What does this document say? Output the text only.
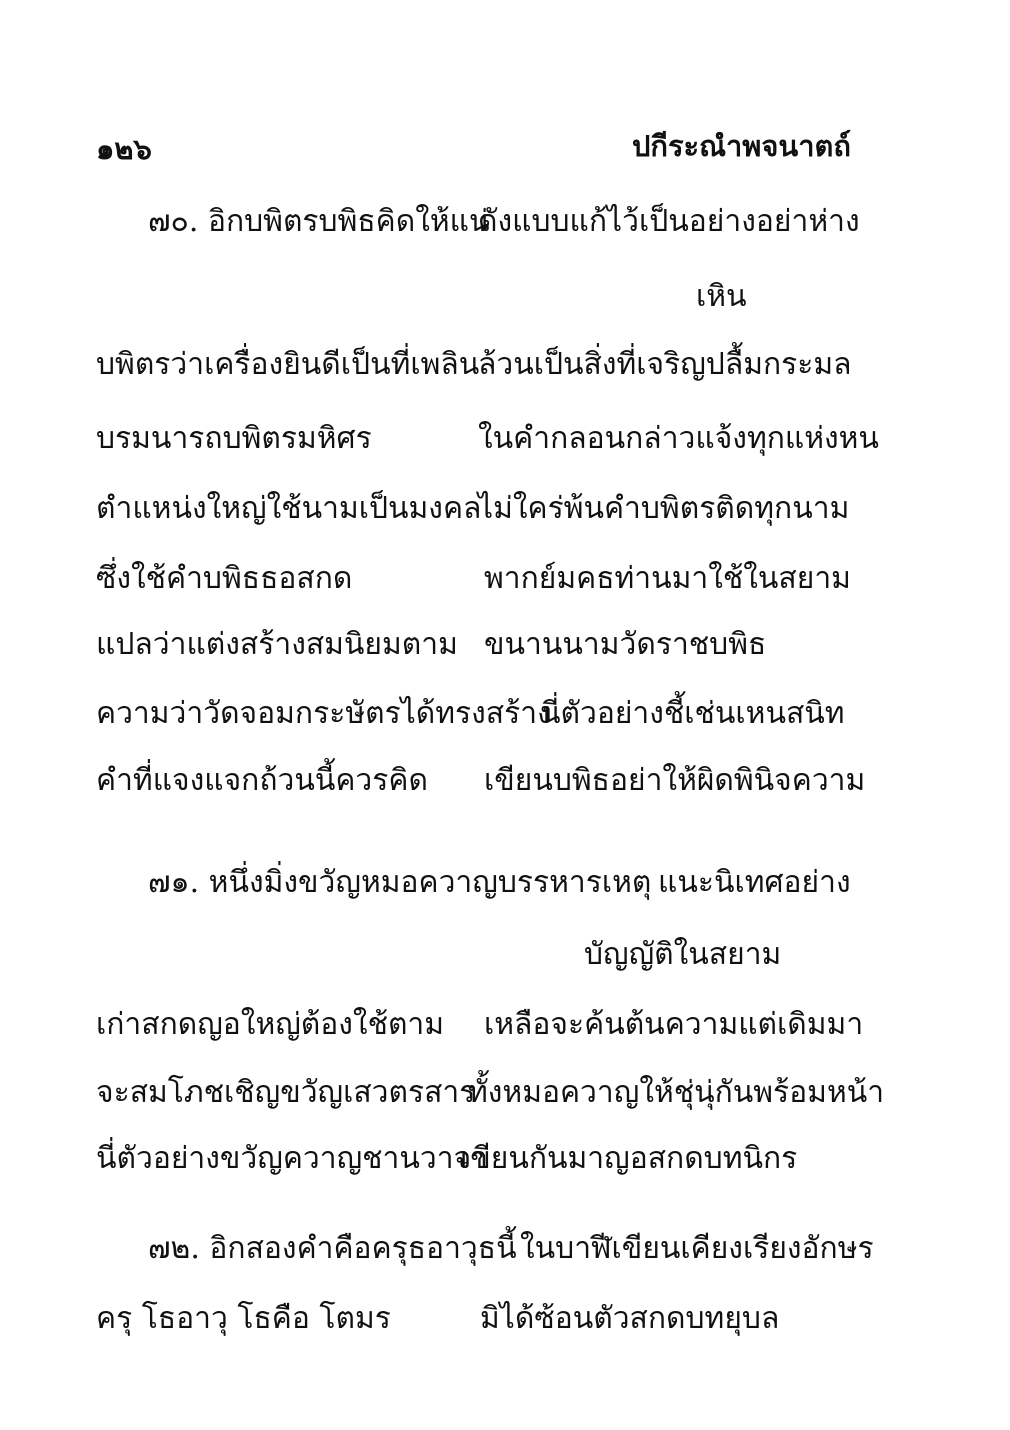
๑๒๖	ปกีระณำพจนาตถ์
๗๐. อิกบพิตรบพิธคิดให้แน่
ดังแบบแก้ไว้เป็นอย่างอย่าห่าง
เหิน
บพิตรว่าเครื่องยินดีเป็นที่เพลิน
ล้วนเป็นสิ่งที่เจริญปลื้มกระมล
บรมนารถบพิตรมหิศร	ในคำกลอนกล่าวแจ้งทุกแห่งหน
ตำแหน่งใหญ่ใช้นามเป็นมงคล
ไม่ใคร่พ้นคำบพิตรติดทุกนาม
ซึ่งใช้คำบพิธธอสกด	พากย์มคธท่านมาใช้ในสยาม
แปลว่าแต่งสร้างสมนิยมตาม ขนานนามวัดราชบพิธ
ความว่าวัดจอมกระษัตรได้ทรงสร้าง
นี่ตัวอย่างชี้เช่นเหนสนิท
คำที่แจงแจกถ้วนนี้ควรคิด เขียนบพิธอย่าให้ผิดพินิจความ
๗๑. หนึ่งมิ่งขวัญหมอควาญบรรหารเหตุ แนะนิเทศอย่าง
บัญญัติในสยาม
เก่าสกดญอใหญ่ต้องใช้ตาม เหลือจะค้นต้นความแต่เดิมมา
จะสมโภชเชิญขวัญเสวตรสาร
ทั้งหมอควาญให้ชุ่นุ่กันพร้อมหน้า
นี่ตัวอย่างขวัญควาญชานวาจา
เขียนกันมาญอสกดบทนิกร
๗๒. อิกสองคำคือครุธอาวุธนี้ ในบาฬีเขียนเคียงเรียงอักษร
ครุ โธอาวุ โธคือ โตมร	มิได้ซ้อนตัวสกดบทยุบล
